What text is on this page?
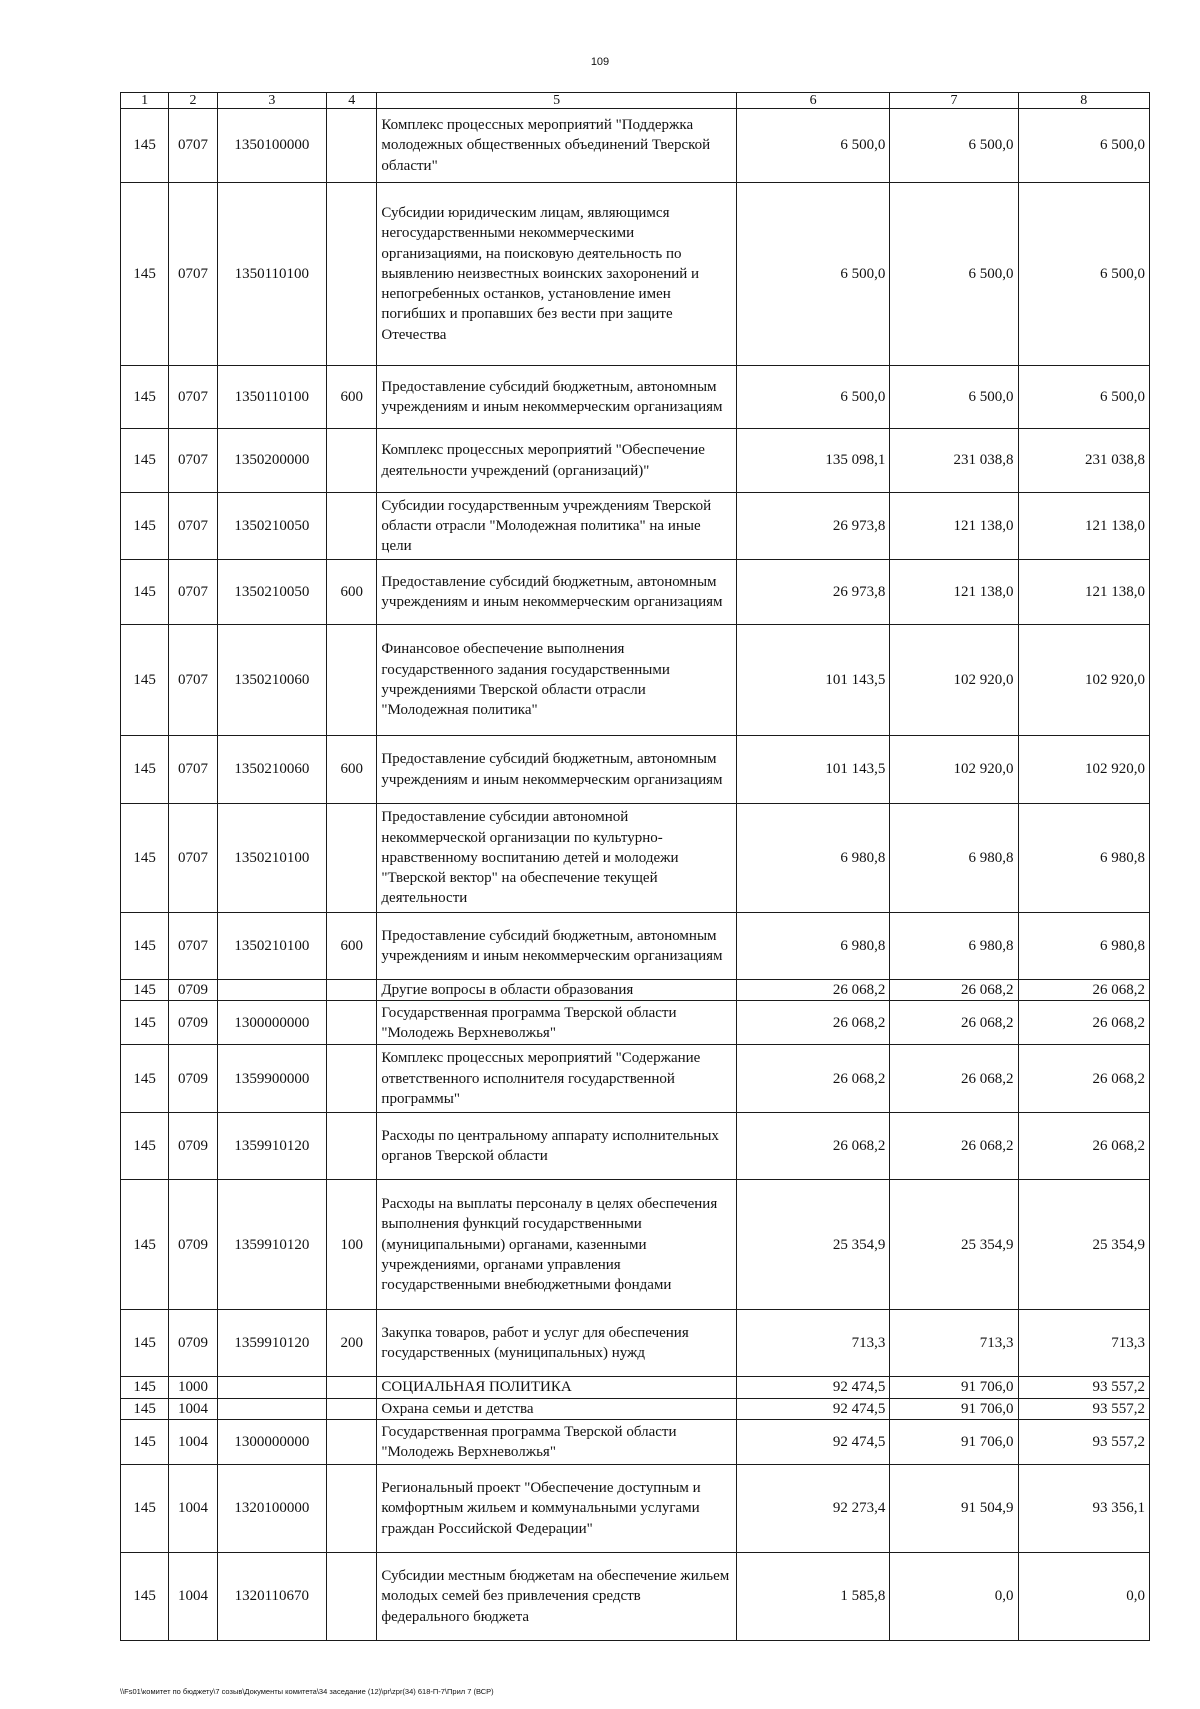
109
1	2	3	4	5	6	7	8
145	0707	1350100000		Комплекс процессных мероприятий "Поддержка молодежных общественных объединений Тверской области"	6 500,0	6 500,0	6 500,0
145	0707	1350110100		Субсидии юридическим лицам, являющимся негосударственными некоммерческими организациями, на поисковую деятельность по выявлению неизвестных воинских захоронений и непогребенных останков, установление имен погибших и пропавших без вести при защите Отечества	6 500,0	6 500,0	6 500,0
145	0707	1350110100	600	Предоставление субсидий бюджетным, автономным учреждениям и иным некоммерческим организациям	6 500,0	6 500,0	6 500,0
145	0707	1350200000		Комплекс процессных мероприятий "Обеспечение деятельности учреждений (организаций)"	135 098,1	231 038,8	231 038,8
145	0707	1350210050		Субсидии государственным учреждениям Тверской области отрасли "Молодежная политика" на иные цели	26 973,8	121 138,0	121 138,0
145	0707	1350210050	600	Предоставление субсидий бюджетным, автономным учреждениям и иным некоммерческим организациям	26 973,8	121 138,0	121 138,0
145	0707	1350210060		Финансовое обеспечение выполнения государственного задания государственными учреждениями Тверской области отрасли "Молодежная политика"	101 143,5	102 920,0	102 920,0
145	0707	1350210060	600	Предоставление субсидий бюджетным, автономным учреждениям и иным некоммерческим организациям	101 143,5	102 920,0	102 920,0
145	0707	1350210100		Предоставление субсидии автономной некоммерческой организации по культурно-нравственному воспитанию детей и молодежи "Тверской вектор" на обеспечение текущей деятельности	6 980,8	6 980,8	6 980,8
145	0707	1350210100	600	Предоставление субсидий бюджетным, автономным учреждениям и иным некоммерческим организациям	6 980,8	6 980,8	6 980,8
145	0709			Другие вопросы в области образования	26 068,2	26 068,2	26 068,2
145	0709	1300000000		Государственная программа Тверской области "Молодежь Верхневолжья"	26 068,2	26 068,2	26 068,2
145	0709	1359900000		Комплекс процессных мероприятий "Содержание ответственного исполнителя государственной программы"	26 068,2	26 068,2	26 068,2
145	0709	1359910120		Расходы по центральному аппарату исполнительных органов Тверской области	26 068,2	26 068,2	26 068,2
145	0709	1359910120	100	Расходы на выплаты персоналу в целях обеспечения выполнения функций государственными (муниципальными) органами, казенными учреждениями, органами управления государственными внебюджетными фондами	25 354,9	25 354,9	25 354,9
145	0709	1359910120	200	Закупка товаров, работ и услуг для обеспечения государственных (муниципальных) нужд	713,3	713,3	713,3
145	1000			СОЦИАЛЬНАЯ ПОЛИТИКА	92 474,5	91 706,0	93 557,2
145	1004			Охрана семьи и детства	92 474,5	91 706,0	93 557,2
145	1004	1300000000		Государственная программа Тверской области "Молодежь Верхневолжья"	92 474,5	91 706,0	93 557,2
145	1004	1320100000		Региональный проект "Обеспечение доступным и комфортным жильем и коммунальными услугами граждан Российской Федерации"	92 273,4	91 504,9	93 356,1
145	1004	1320110670		Субсидии местным бюджетам на обеспечение жильем молодых семей без привлечения средств федерального бюджета	1 585,8	0,0	0,0
\\Fs01\комитет по бюджету\7 созыв\Документы комитета\34 заседание (12)\pr\zpr(34) 618-П-7\Прил 7 (ВСР)
